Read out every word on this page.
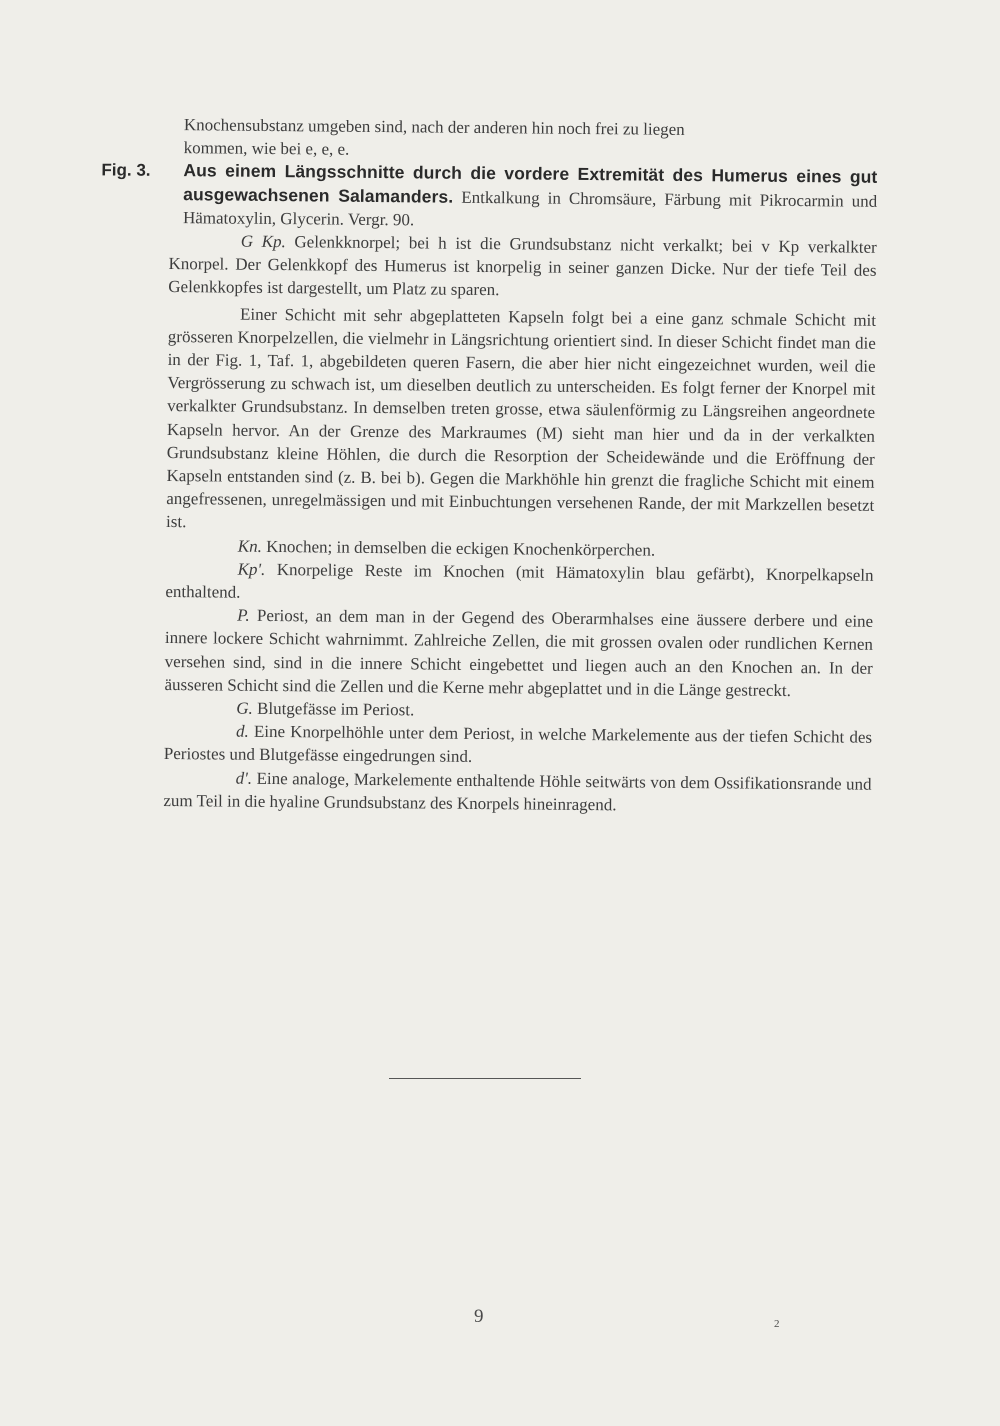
Knochensubstanz umgeben sind, nach der anderen hin noch frei zu liegen

kommen, wie bei e, e, e.

Fig. 3. Aus einem Längsschnitte durch die vordere Extremität des Humerus eines gut ausgewachsenen Salamanders. Entkalkung in Chromsäure, Färbung mit Pikrocarmin und Hämatoxylin, Glycerin. Vergr. 90.

G Kp. Gelenkknorpel; bei h ist die Grundsubstanz nicht verkalkt; bei v Kp verkalkter Knorpel. Der Gelenkkopf des Humerus ist knorpelig in seiner ganzen Dicke. Nur der tiefe Teil des Gelenkkopfes ist dargestellt, um Platz zu sparen.

Einer Schicht mit sehr abgeplatteten Kapseln folgt bei a eine ganz schmale Schicht mit grösseren Knorpelzellen, die vielmehr in Längsrichtung orientiert sind. In dieser Schicht findet man die in der Fig. 1, Taf. 1, abgebildeten queren Fasern, die aber hier nicht eingezeichnet wurden, weil die Vergrösserung zu schwach ist, um dieselben deutlich zu unterscheiden. Es folgt ferner der Knorpel mit verkalkter Grundsubstanz. In demselben treten grosse, etwa säulenförmig zu Längsreihen angeordnete Kapseln hervor. An der Grenze des Markraumes (M) sieht man hier und da in der verkalkten Grundsubstanz kleine Höhlen, die durch die Resorption der Scheidewände und die Eröffnung der Kapseln entstanden sind (z. B. bei b). Gegen die Markhöhle hin grenzt die fragliche Schicht mit einem angefressenen, unregelmässigen und mit Einbuchtungen versehenen Rande, der mit Markzellen besetzt ist.

Kn. Knochen; in demselben die eckigen Knochenkörperchen.

Kp'. Knorpelige Reste im Knochen (mit Hämatoxylin blau gefärbt), Knorpelkapseln enthaltend.

P. Periost, an dem man in der Gegend des Oberarmhalses eine äussere derbere und eine innere lockere Schicht wahrnimmt. Zahlreiche Zellen, die mit grossen ovalen oder rundlichen Kernen versehen sind, sind in die innere Schicht eingebettet und liegen auch an den Knochen an. In der äusseren Schicht sind die Zellen und die Kerne mehr abgeplattet und in die Länge gestreckt.

G. Blutgefässe im Periost.

d. Eine Knorpelhöhle unter dem Periost, in welche Markelemente aus der tiefen Schicht des Periostes und Blutgefässe eingedrungen sind.

d'. Eine analoge, Markelemente enthaltende Höhle seitwärts von dem Ossifikationsrande und zum Teil in die hyaline Grundsubstanz des Knorpels hineinragend.

9	2
